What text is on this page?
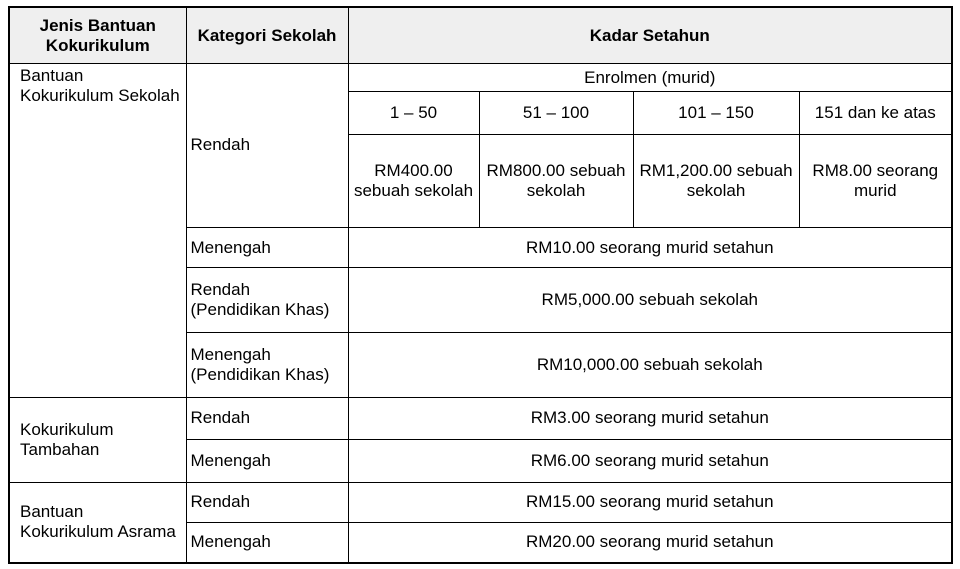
Jenis Bantuan Kokurikulum	Kategori Sekolah	Kadar Setahun			
Bantuan Kokurikulum Sekolah	Rendah	Enrolmen (murid)			
		1 – 50	51 – 100	101 – 150	151 dan ke atas
		RM400.00 sebuah sekolah	RM800.00 sebuah sekolah	RM1,200.00 sebuah sekolah	RM8.00 seorang murid
	Menengah	RM10.00 seorang murid setahun			
	Rendah (Pendidikan Khas)	RM5,000.00 sebuah sekolah			
	Menengah (Pendidikan Khas)	RM10,000.00 sebuah sekolah			
Kokurikulum Tambahan	Rendah	RM3.00 seorang murid setahun			
	Menengah	RM6.00 seorang murid setahun			
Bantuan Kokurikulum Asrama	Rendah	RM15.00 seorang murid setahun			
	Menengah	RM20.00 seorang murid setahun			
